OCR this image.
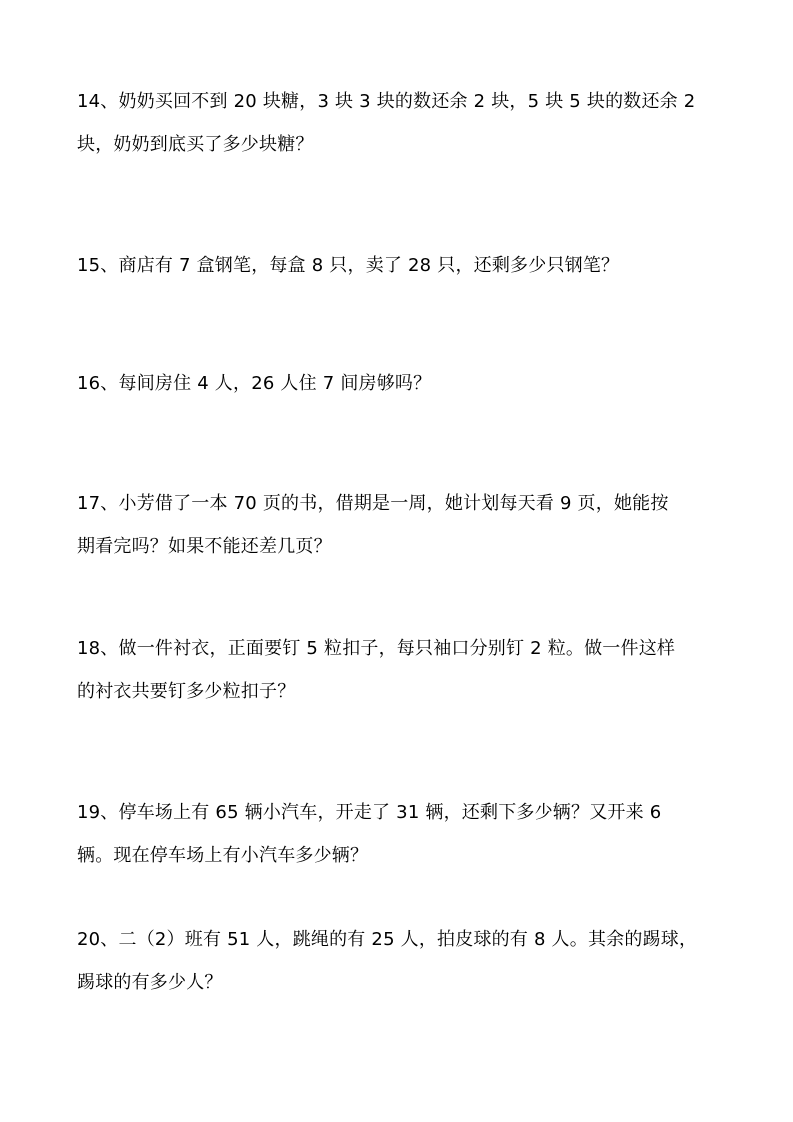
14、奶奶买回不到 20 块糖，3 块 3 块的数还余 2 块，5 块 5 块的数还余 2
块，奶奶到底买了多少块糖？

15、商店有 7 盒钢笔，每盒 8 只，卖了 28 只，还剩多少只钢笔？

16、每间房住 4 人，26 人住 7 间房够吗？

17、小芳借了一本 70 页的书，借期是一周，她计划每天看 9 页，她能按
期看完吗？如果不能还差几页？

18、做一件衬衣，正面要钉 5 粒扣子，每只袖口分别钉 2 粒。做一件这样
的衬衣共要钉多少粒扣子？

19、停车场上有 65 辆小汽车，开走了 31 辆，还剩下多少辆？又开来 6
辆。现在停车场上有小汽车多少辆？

20、二（2）班有 51 人，跳绳的有 25 人，拍皮球的有 8 人。其余的踢球，
踢球的有多少人？
